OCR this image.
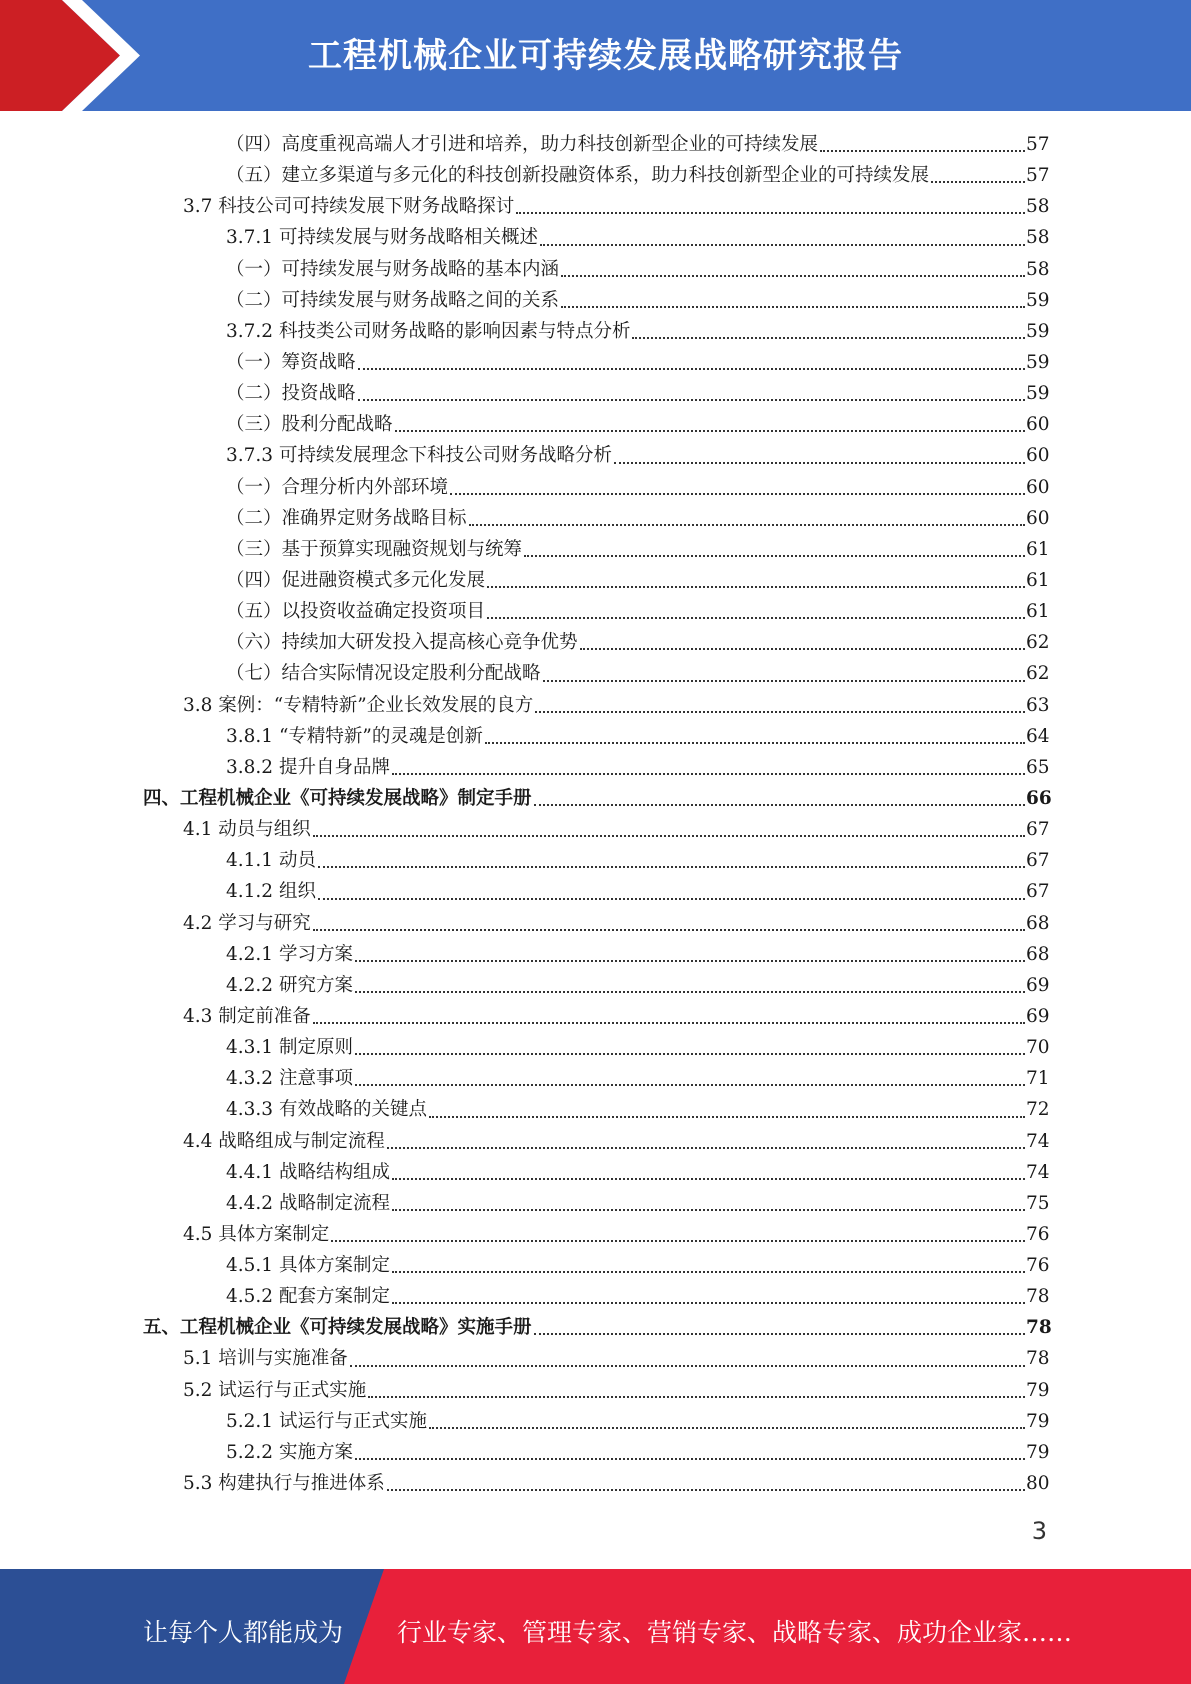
工程机械企业可持续发展战略研究报告
（四）高度重视高端人才引进和培养，助力科技创新型企业的可持续发展	57
（五）建立多渠道与多元化的科技创新投融资体系，助力科技创新型企业的可持续发展	57
3.7 科技公司可持续发展下财务战略探讨	58
3.7.1 可持续发展与财务战略相关概述	58
（一）可持续发展与财务战略的基本内涵	58
（二）可持续发展与财务战略之间的关系	59
3.7.2 科技类公司财务战略的影响因素与特点分析	59
（一）筹资战略	59
（二）投资战略	59
（三）股利分配战略	60
3.7.3 可持续发展理念下科技公司财务战略分析	60
（一）合理分析内外部环境	60
（二）准确界定财务战略目标	60
（三）基于预算实现融资规划与统筹	61
（四）促进融资模式多元化发展	61
（五）以投资收益确定投资项目	61
（六）持续加大研发投入提高核心竞争优势	62
（七）结合实际情况设定股利分配战略	62
3.8 案例：“专精特新”企业长效发展的良方	63
3.8.1 “专精特新”的灵魂是创新	64
3.8.2 提升自身品牌	65
四、工程机械企业《可持续发展战略》制定手册	66
4.1 动员与组织	67
4.1.1 动员	67
4.1.2 组织	67
4.2 学习与研究	68
4.2.1 学习方案	68
4.2.2 研究方案	69
4.3 制定前准备	69
4.3.1 制定原则	70
4.3.2 注意事项	71
4.3.3 有效战略的关键点	72
4.4 战略组成与制定流程	74
4.4.1 战略结构组成	74
4.4.2 战略制定流程	75
4.5 具体方案制定	76
4.5.1 具体方案制定	76
4.5.2 配套方案制定	78
五、工程机械企业《可持续发展战略》实施手册	78
5.1 培训与实施准备	78
5.2 试运行与正式实施	79
5.2.1 试运行与正式实施	79
5.2.2 实施方案	79
5.3 构建执行与推进体系	80
3
让每个人都能成为 行业专家、管理专家、营销专家、战略专家、成功企业家……
